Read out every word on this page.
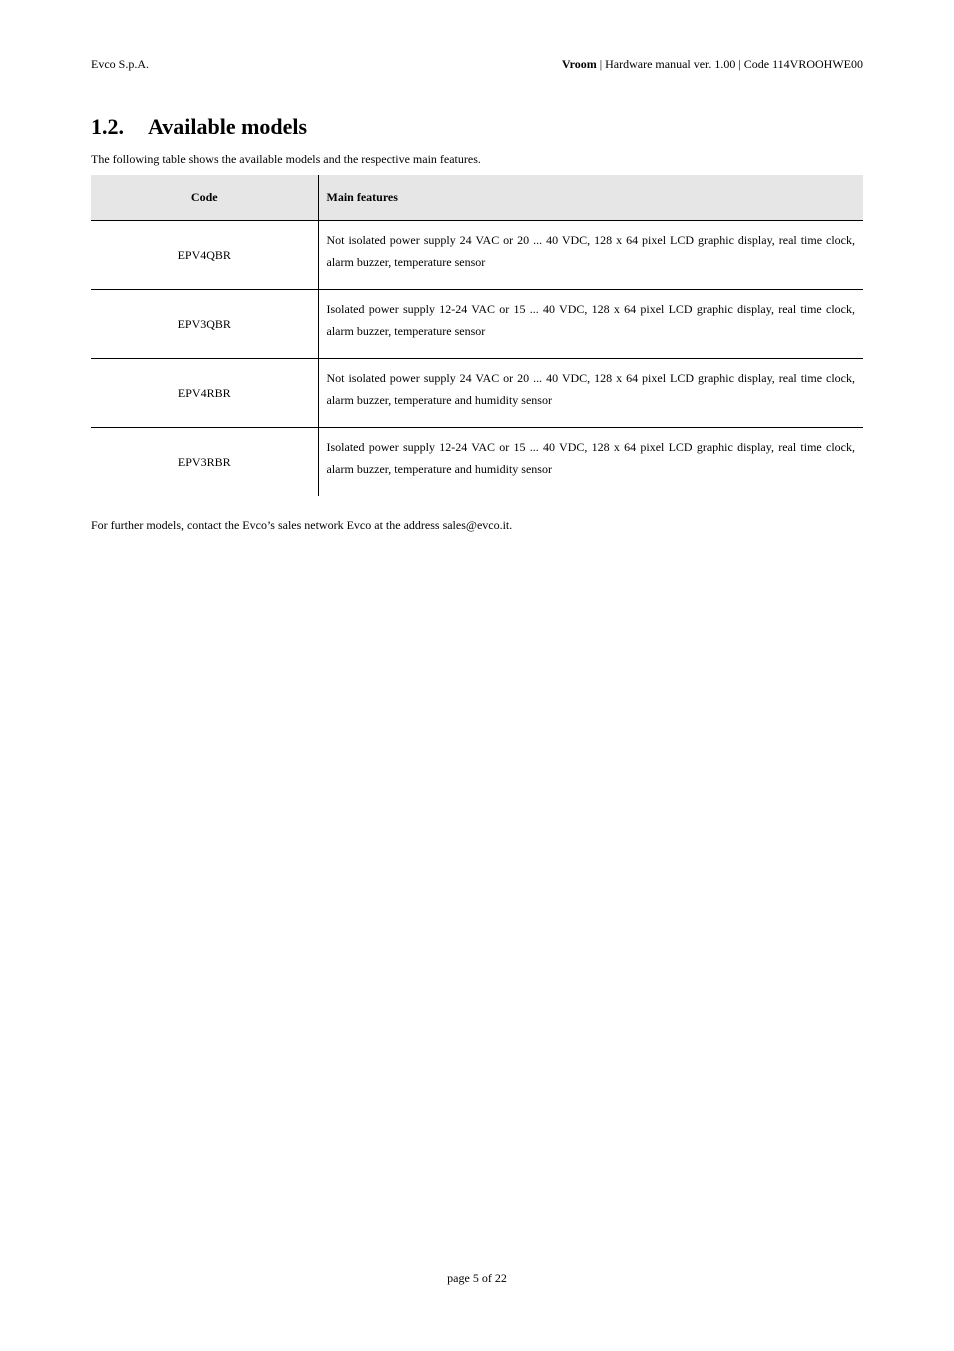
Evco S.p.A.	Vroom | Hardware manual ver. 1.00 | Code 114VROOHWE00
1.2. Available models
The following table shows the available models and the respective main features.
Code	Main features
EPV4QBR	Not isolated power supply 24 VAC or 20 ... 40 VDC, 128 x 64 pixel LCD graphic display, real time clock, alarm buzzer, temperature sensor
EPV3QBR	Isolated power supply 12-24 VAC or 15 ... 40 VDC, 128 x 64 pixel LCD graphic display, real time clock, alarm buzzer, temperature sensor
EPV4RBR	Not isolated power supply 24 VAC or 20 ... 40 VDC, 128 x 64 pixel LCD graphic display, real time clock, alarm buzzer, temperature and humidity sensor
EPV3RBR	Isolated power supply 12-24 VAC or 15 ... 40 VDC, 128 x 64 pixel LCD graphic display, real time clock, alarm buzzer, temperature and humidity sensor
For further models, contact the Evco’s sales network Evco at the address sales@evco.it.
page 5 of 22
